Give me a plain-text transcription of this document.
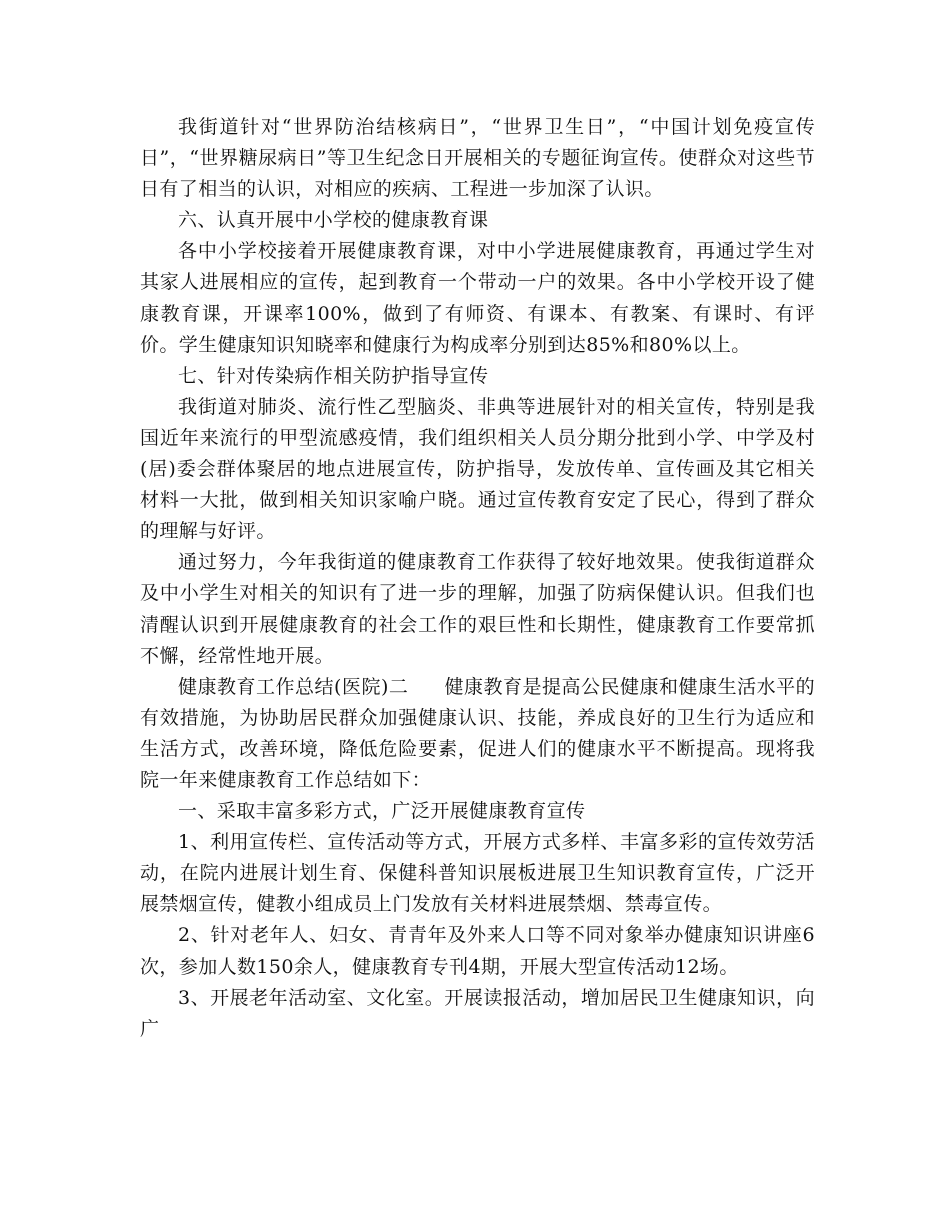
我街道针对“世界防治结核病日”，“世界卫生日”，“中国计划免疫宣传日”，“世界糖尿病日”等卫生纪念日开展相关的专题征询宣传。使群众对这些节日有了相当的认识，对相应的疾病、工程进一步加深了认识。

六、认真开展中小学校的健康教育课

各中小学校接着开展健康教育课，对中小学进展健康教育，再通过学生对其家人进展相应的宣传，起到教育一个带动一户的效果。各中小学校开设了健康教育课，开课率100%，做到了有师资、有课本、有教案、有课时、有评价。学生健康知识知晓率和健康行为构成率分别到达85%和80%以上。

七、针对传染病作相关防护指导宣传

我街道对肺炎、流行性乙型脑炎、非典等进展针对的相关宣传，特别是我国近年来流行的甲型流感疫情，我们组织相关人员分期分批到小学、中学及村(居)委会群体聚居的地点进展宣传，防护指导，发放传单、宣传画及其它相关材料一大批，做到相关知识家喻户晓。通过宣传教育安定了民心，得到了群众的理解与好评。

通过努力，今年我街道的健康教育工作获得了较好地效果。使我街道群众及中小学生对相关的知识有了进一步的理解，加强了防病保健认识。但我们也清醒认识到开展健康教育的社会工作的艰巨性和长期性，健康教育工作要常抓不懈，经常性地开展。

健康教育工作总结(医院)二 健康教育是提高公民健康和健康生活水平的有效措施，为协助居民群众加强健康认识、技能，养成良好的卫生行为适应和生活方式，改善环境，降低危险要素，促进人们的健康水平不断提高。现将我院一年来健康教育工作总结如下：

一、采取丰富多彩方式，广泛开展健康教育宣传

1、利用宣传栏、宣传活动等方式，开展方式多样、丰富多彩的宣传效劳活动，在院内进展计划生育、保健科普知识展板进展卫生知识教育宣传，广泛开展禁烟宣传，健教小组成员上门发放有关材料进展禁烟、禁毒宣传。

2、针对老年人、妇女、青青年及外来人口等不同对象举办健康知识讲座6次，参加人数150余人，健康教育专刊4期，开展大型宣传活动12场。

3、开展老年活动室、文化室。开展读报活动，增加居民卫生健康知识，向广
